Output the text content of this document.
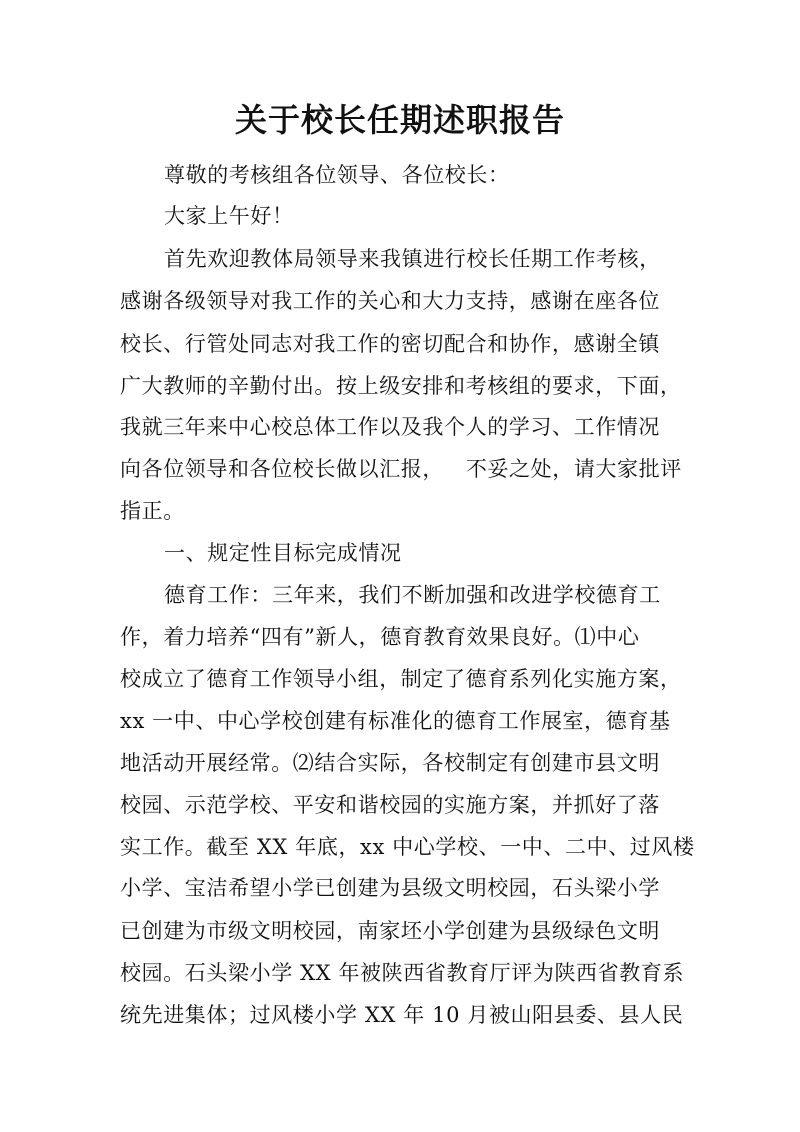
关于校长任期述职报告
尊敬的考核组各位领导、各位校长：
大家上午好！
首先欢迎教体局领导来我镇进行校长任期工作考核，
感谢各级领导对我工作的关心和大力支持，感谢在座各位
校长、行管处同志对我工作的密切配合和协作，感谢全镇
广大教师的辛勤付出。按上级安排和考核组的要求，下面，
我就三年来中心校总体工作以及我个人的学习、工作情况
向各位领导和各位校长做以汇报，   不妥之处，请大家批评
指正。
一、规定性目标完成情况
德育工作：三年来，我们不断加强和改进学校德育工
作，着力培养“四有”新人，德育教育效果良好。⑴中心
校成立了德育工作领导小组，制定了德育系列化实施方案，
xx 一中、中心学校创建有标准化的德育工作展室，德育基
地活动开展经常。⑵结合实际，各校制定有创建市县文明
校园、示范学校、平安和谐校园的实施方案，并抓好了落
实工作。截至 XX 年底，xx 中心学校、一中、二中、过风楼
小学、宝洁希望小学已创建为县级文明校园，石头梁小学
已创建为市级文明校园，南家坯小学创建为县级绿色文明
校园。石头梁小学 XX 年被陕西省教育厅评为陕西省教育系
统先进集体；过风楼小学 XX 年 10 月被山阳县委、县人民
